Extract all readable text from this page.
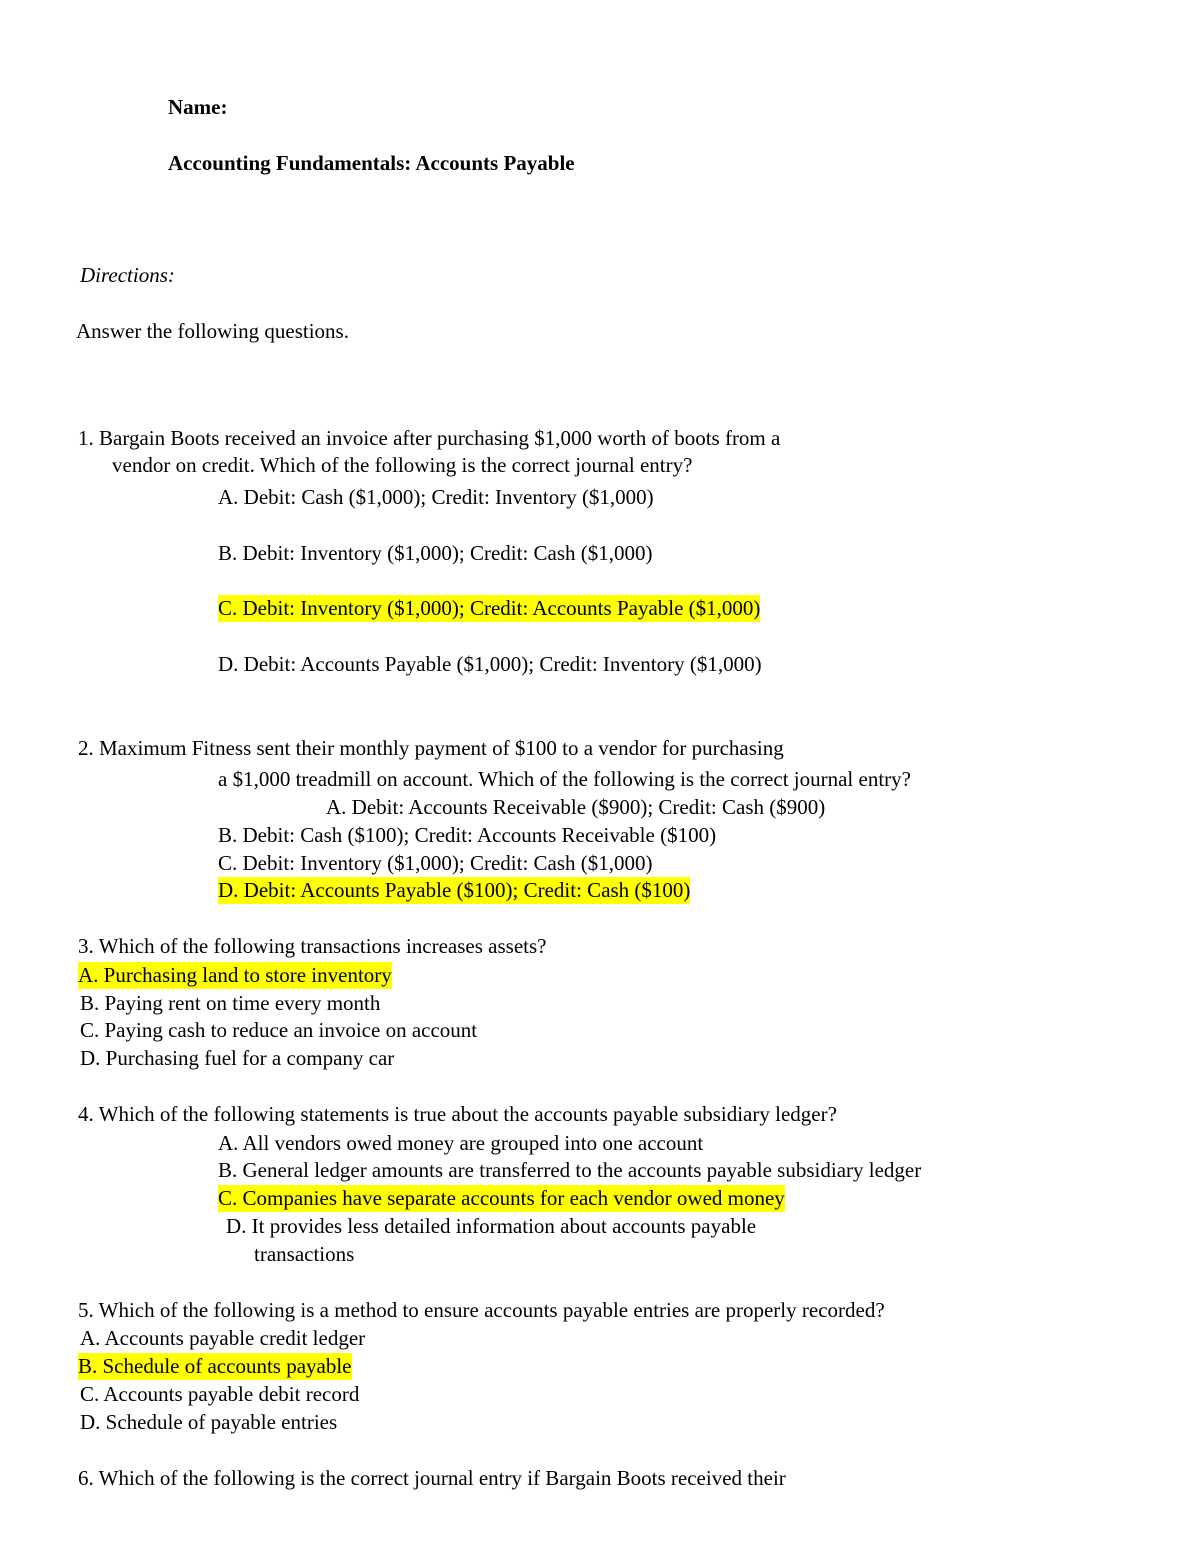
Name:

Accounting Fundamentals: Accounts Payable

Directions:

Answer the following questions.

1. Bargain Boots received an invoice after purchasing $1,000 worth of boots from a

vendor on credit. Which of the following is the correct journal entry?

A. Debit: Cash ($1,000); Credit: Inventory ($1,000)

B. Debit: Inventory ($1,000); Credit: Cash ($1,000)

C. Debit: Inventory ($1,000); Credit: Accounts Payable ($1,000)

D. Debit: Accounts Payable ($1,000); Credit: Inventory ($1,000)

2. Maximum Fitness sent their monthly payment of $100 to a vendor for purchasing

a $1,000 treadmill on account. Which of the following is the correct journal entry?

A. Debit: Accounts Receivable ($900); Credit: Cash ($900)

B. Debit: Cash ($100); Credit: Accounts Receivable ($100)

C. Debit: Inventory ($1,000); Credit: Cash ($1,000)

D. Debit: Accounts Payable ($100); Credit: Cash ($100)

3. Which of the following transactions increases assets?

A. Purchasing land to store inventory

B. Paying rent on time every month

C. Paying cash to reduce an invoice on account

D. Purchasing fuel for a company car

4. Which of the following statements is true about the accounts payable subsidiary ledger?

A. All vendors owed money are grouped into one account

B. General ledger amounts are transferred to the accounts payable subsidiary ledger

C. Companies have separate accounts for each vendor owed money

D. It provides less detailed information about accounts payable

transactions

5. Which of the following is a method to ensure accounts payable entries are properly recorded?

A. Accounts payable credit ledger

B. Schedule of accounts payable

C. Accounts payable debit record

D. Schedule of payable entries

6. Which of the following is the correct journal entry if Bargain Boots received their
